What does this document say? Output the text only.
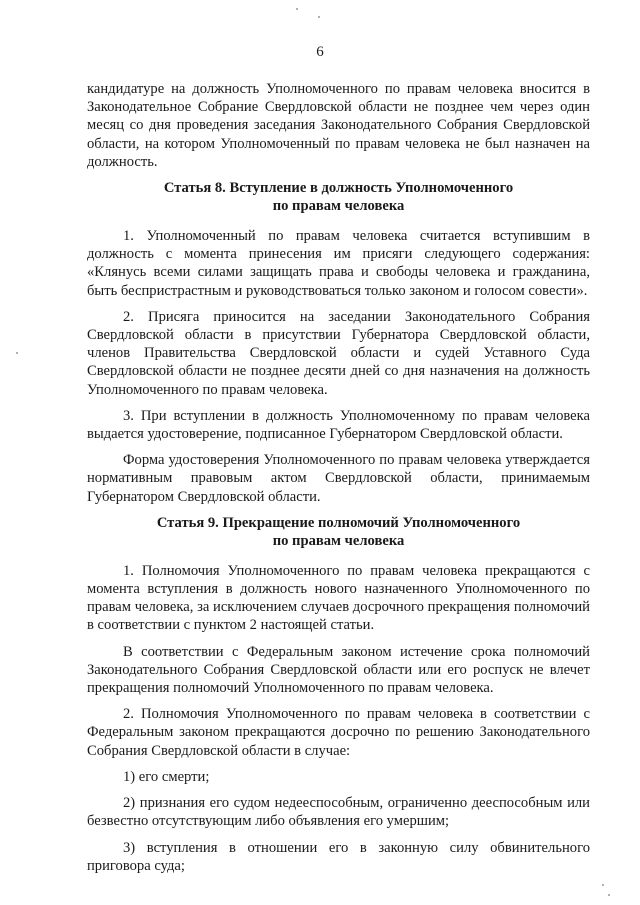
6

кандидатуре на должность Уполномоченного по правам человека вносится в Законодательное Собрание Свердловской области не позднее чем через один месяц со дня проведения заседания Законодательного Собрания Свердловской области, на котором Уполномоченный по правам человека не был назначен на должность.

Статья 8. Вступление в должность Уполномоченного
по правам человека

1. Уполномоченный по правам человека считается вступившим в должность с момента принесения им присяги следующего содержания: «Клянусь всеми силами защищать права и свободы человека и гражданина, быть беспристрастным и руководствоваться только законом и голосом совести».

2. Присяга приносится на заседании Законодательного Собрания Свердловской области в присутствии Губернатора Свердловской области, членов Правительства Свердловской области и судей Уставного Суда Свердловской области не позднее десяти дней со дня назначения на должность Уполномоченного по правам человека.

3. При вступлении в должность Уполномоченному по правам человека выдается удостоверение, подписанное Губернатором Свердловской области.

Форма удостоверения Уполномоченного по правам человека утверждается нормативным правовым актом Свердловской области, принимаемым Губернатором Свердловской области.

Статья 9. Прекращение полномочий Уполномоченного
по правам человека

1. Полномочия Уполномоченного по правам человека прекращаются с момента вступления в должность нового назначенного Уполномоченного по правам человека, за исключением случаев досрочного прекращения полномочий в соответствии с пунктом 2 настоящей статьи.

В соответствии с Федеральным законом истечение срока полномочий Законодательного Собрания Свердловской области или его роспуск не влечет прекращения полномочий Уполномоченного по правам человека.

2. Полномочия Уполномоченного по правам человека в соответствии с Федеральным законом прекращаются досрочно по решению Законодательного Собрания Свердловской области в случае:

1) его смерти;

2) признания его судом недееспособным, ограниченно дееспособным или безвестно отсутствующим либо объявления его умершим;

3) вступления в отношении его в законную силу обвинительного приговора суда;
